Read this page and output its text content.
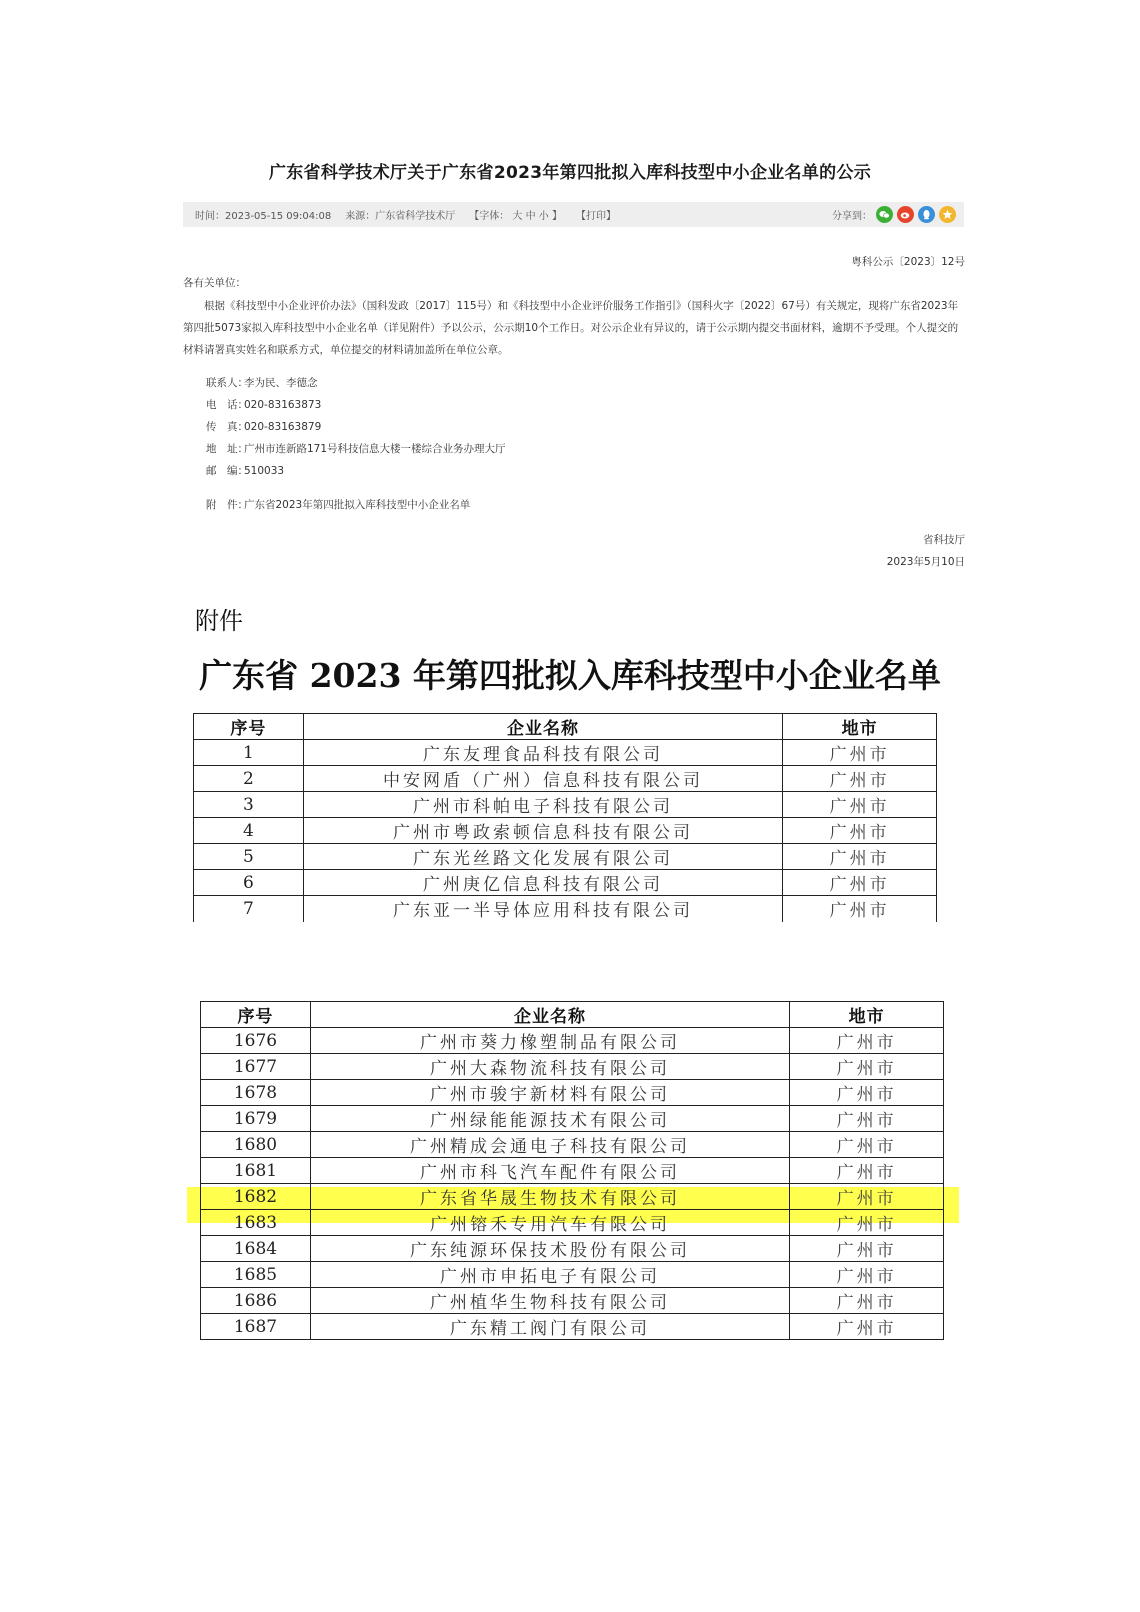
广东省科学技术厅关于广东省2023年第四批拟入库科技型中小企业名单的公示
时间：2023-05-15 09:04:08 来源：广东省科学技术厅 【字体： 大 中 小 】 【打印】	分享到：
粤科公示〔2023〕12号
各有关单位：
根据《科技型中小企业评价办法》（国科发政〔2017〕115号）和《科技型中小企业评价服务工作指引》（国科火字〔2022〕67号）有关规定，现将广东省2023年第四批5073家拟入库科技型中小企业名单（详见附件）予以公示，公示期10个工作日。对公示企业有异议的，请于公示期内提交书面材料，逾期不予受理。个人提交的材料请署真实姓名和联系方式，单位提交的材料请加盖所在单位公章。
联系人：李为民、李德念
电　话：020-83163873
传　真：020-83163879
地　址：广州市连新路171号科技信息大楼一楼综合业务办理大厅
邮　编：510033
附　件：广东省2023年第四批拟入库科技型中小企业名单
省科技厅
2023年5月10日
附件
广东省 2023 年第四批拟入库科技型中小企业名单
序号	企业名称	地市
1	广东友理食品科技有限公司	广州市
2	中安网盾（广州）信息科技有限公司	广州市
3	广州市科帕电子科技有限公司	广州市
4	广州市粤政索顿信息科技有限公司	广州市
5	广东光丝路文化发展有限公司	广州市
6	广州庚亿信息科技有限公司	广州市
7	广东亚一半导体应用科技有限公司	广州市
序号	企业名称	地市
1676	广州市葵力橡塑制品有限公司	广州市
1677	广州大森物流科技有限公司	广州市
1678	广州市骏宇新材料有限公司	广州市
1679	广州绿能能源技术有限公司	广州市
1680	广州精成会通电子科技有限公司	广州市
1681	广州市科飞汽车配件有限公司	广州市
1682	广东省华晟生物技术有限公司	广州市
1683	广州镕禾专用汽车有限公司	广州市
1684	广东纯源环保技术股份有限公司	广州市
1685	广州市申拓电子有限公司	广州市
1686	广州植华生物科技有限公司	广州市
1687	广东精工阀门有限公司	广州市
